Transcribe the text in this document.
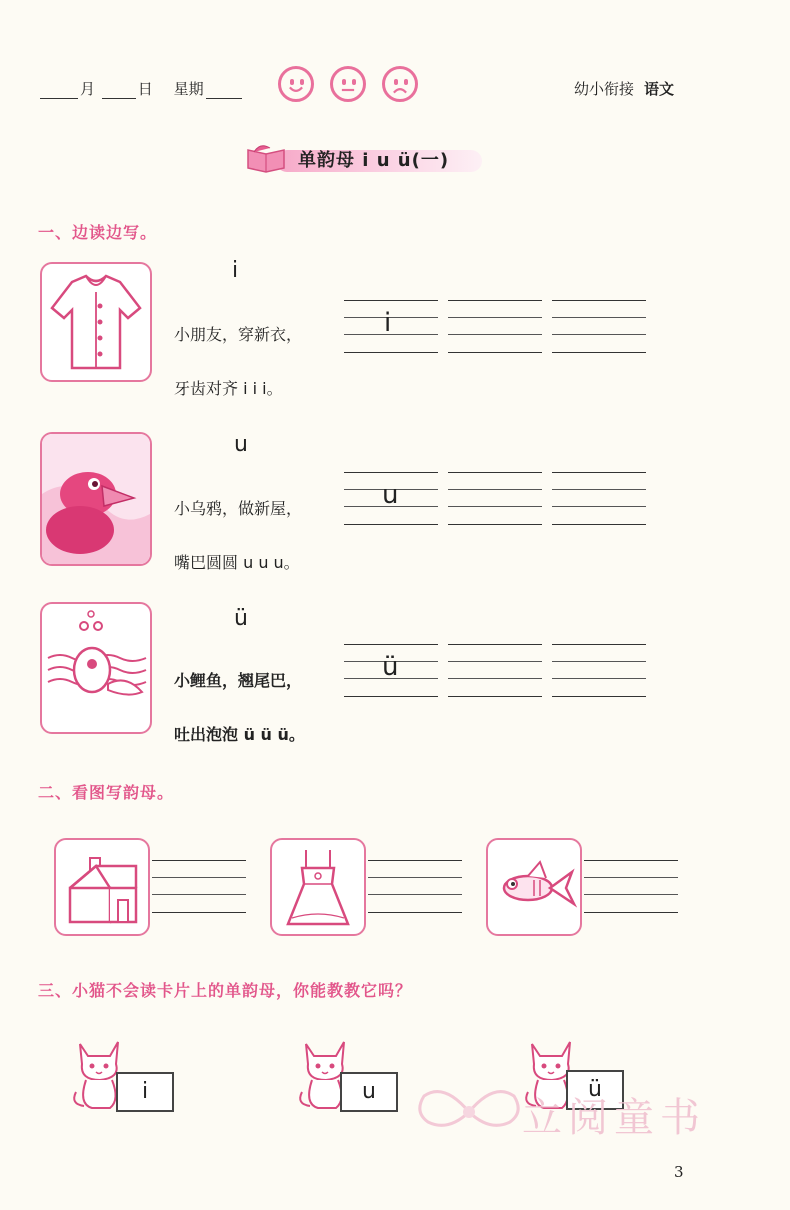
月	日 星期	幼小衔接 语文
单韵母 i u ü(一)
一、边读边写。
i
小朋友，穿新衣，
牙齿对齐 i i i。
i
u
小乌鸦，做新屋，
嘴巴圆圆 u u u。
u
ü
小鲤鱼，翘尾巴，
吐出泡泡 ü ü ü。
ü
二、看图写韵母。
三、小猫不会读卡片上的单韵母，你能教教它吗？
i	u	ü
立阅童书
3
